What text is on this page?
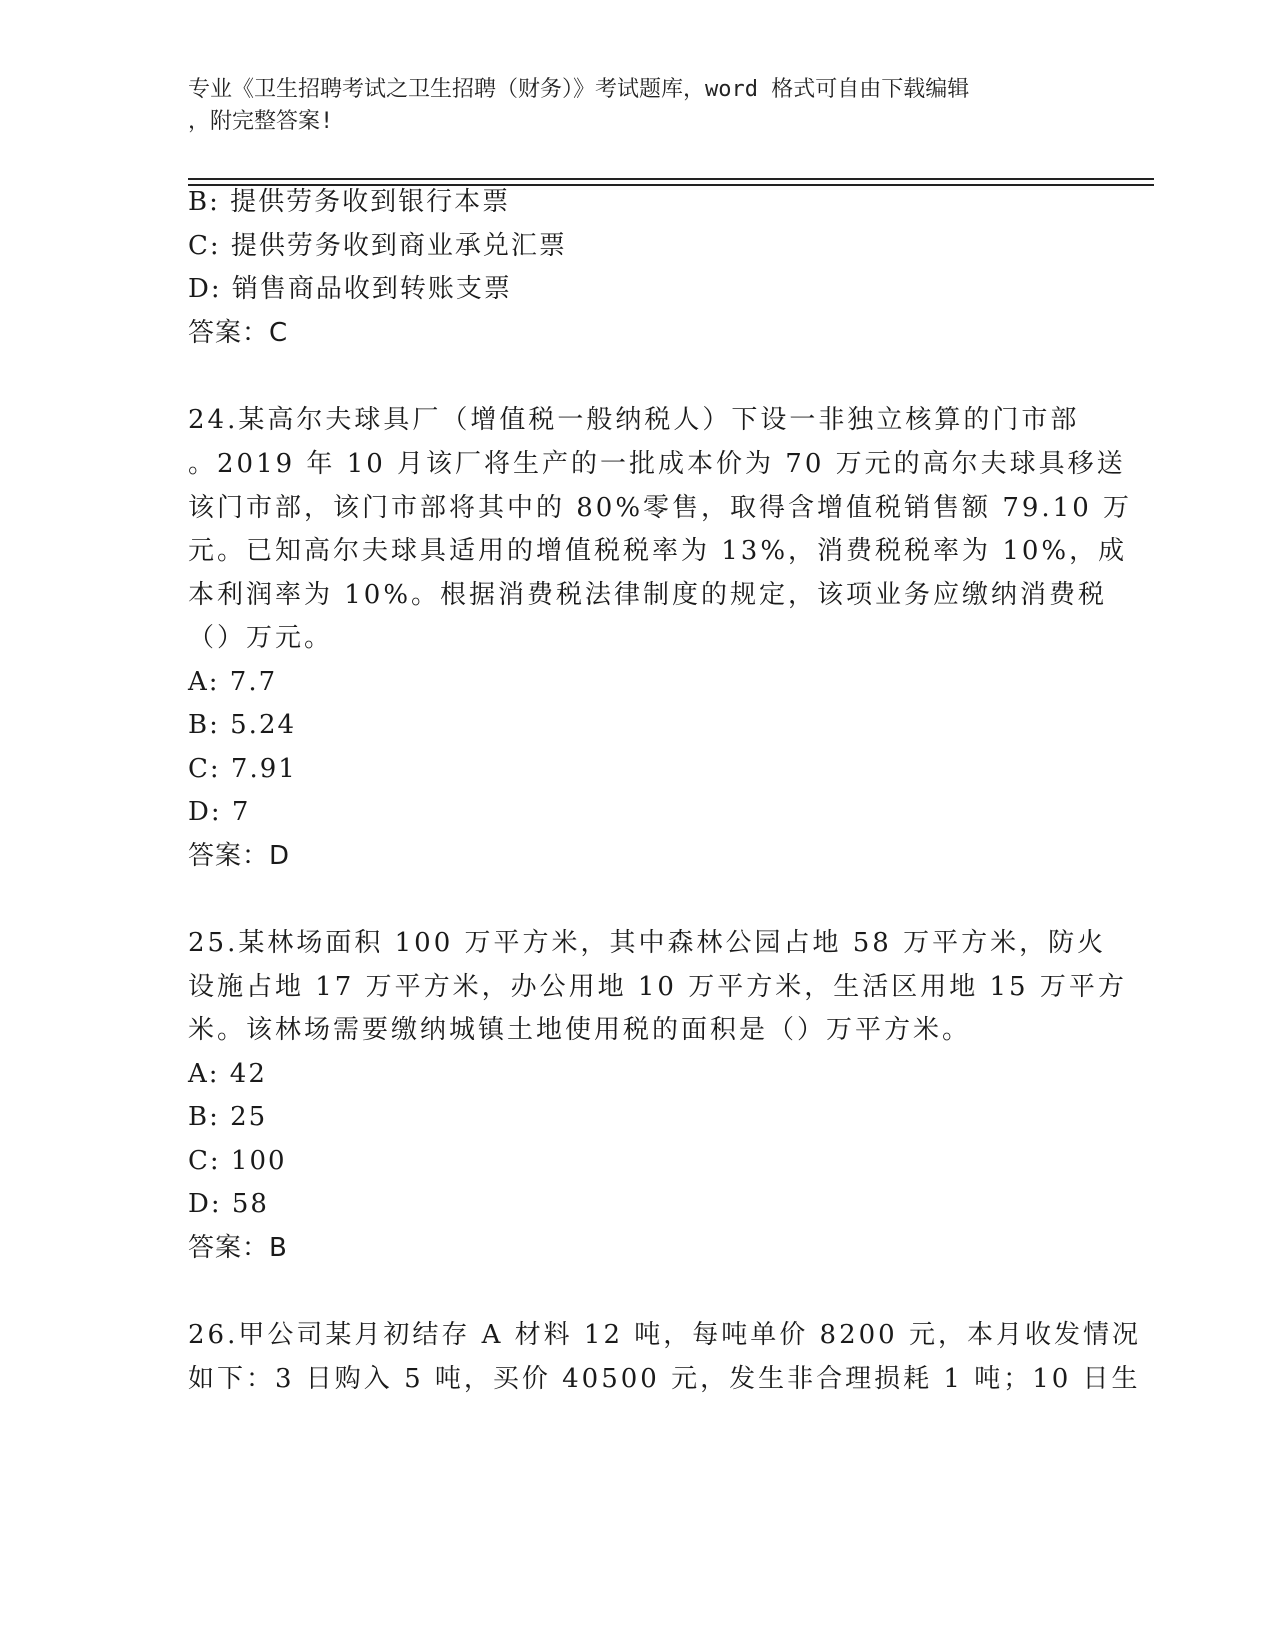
专业《卫生招聘考试之卫生招聘（财务）》考试题库，word 格式可自由下载编辑
，附完整答案!
B: 提供劳务收到银行本票
C: 提供劳务收到商业承兑汇票
D: 销售商品收到转账支票
答案：C
24.某高尔夫球具厂（增值税一般纳税人）下设一非独立核算的门市部
。2019 年 10 月该厂将生产的一批成本价为 70 万元的高尔夫球具移送
该门市部，该门市部将其中的 80%零售，取得含增值税销售额 79.10 万
元。已知高尔夫球具适用的增值税税率为 13%，消费税税率为 10%，成
本利润率为 10%。根据消费税法律制度的规定，该项业务应缴纳消费税
（）万元。
A: 7.7
B: 5.24
C: 7.91
D: 7
答案：D
25.某林场面积 100 万平方米，其中森林公园占地 58 万平方米，防火
设施占地 17 万平方米，办公用地 10 万平方米，生活区用地 15 万平方
米。该林场需要缴纳城镇土地使用税的面积是（）万平方米。
A: 42
B: 25
C: 100
D: 58
答案：B
26.甲公司某月初结存 A 材料 12 吨，每吨单价 8200 元，本月收发情况
如下：3 日购入 5 吨，买价 40500 元，发生非合理损耗 1 吨；10 日生
